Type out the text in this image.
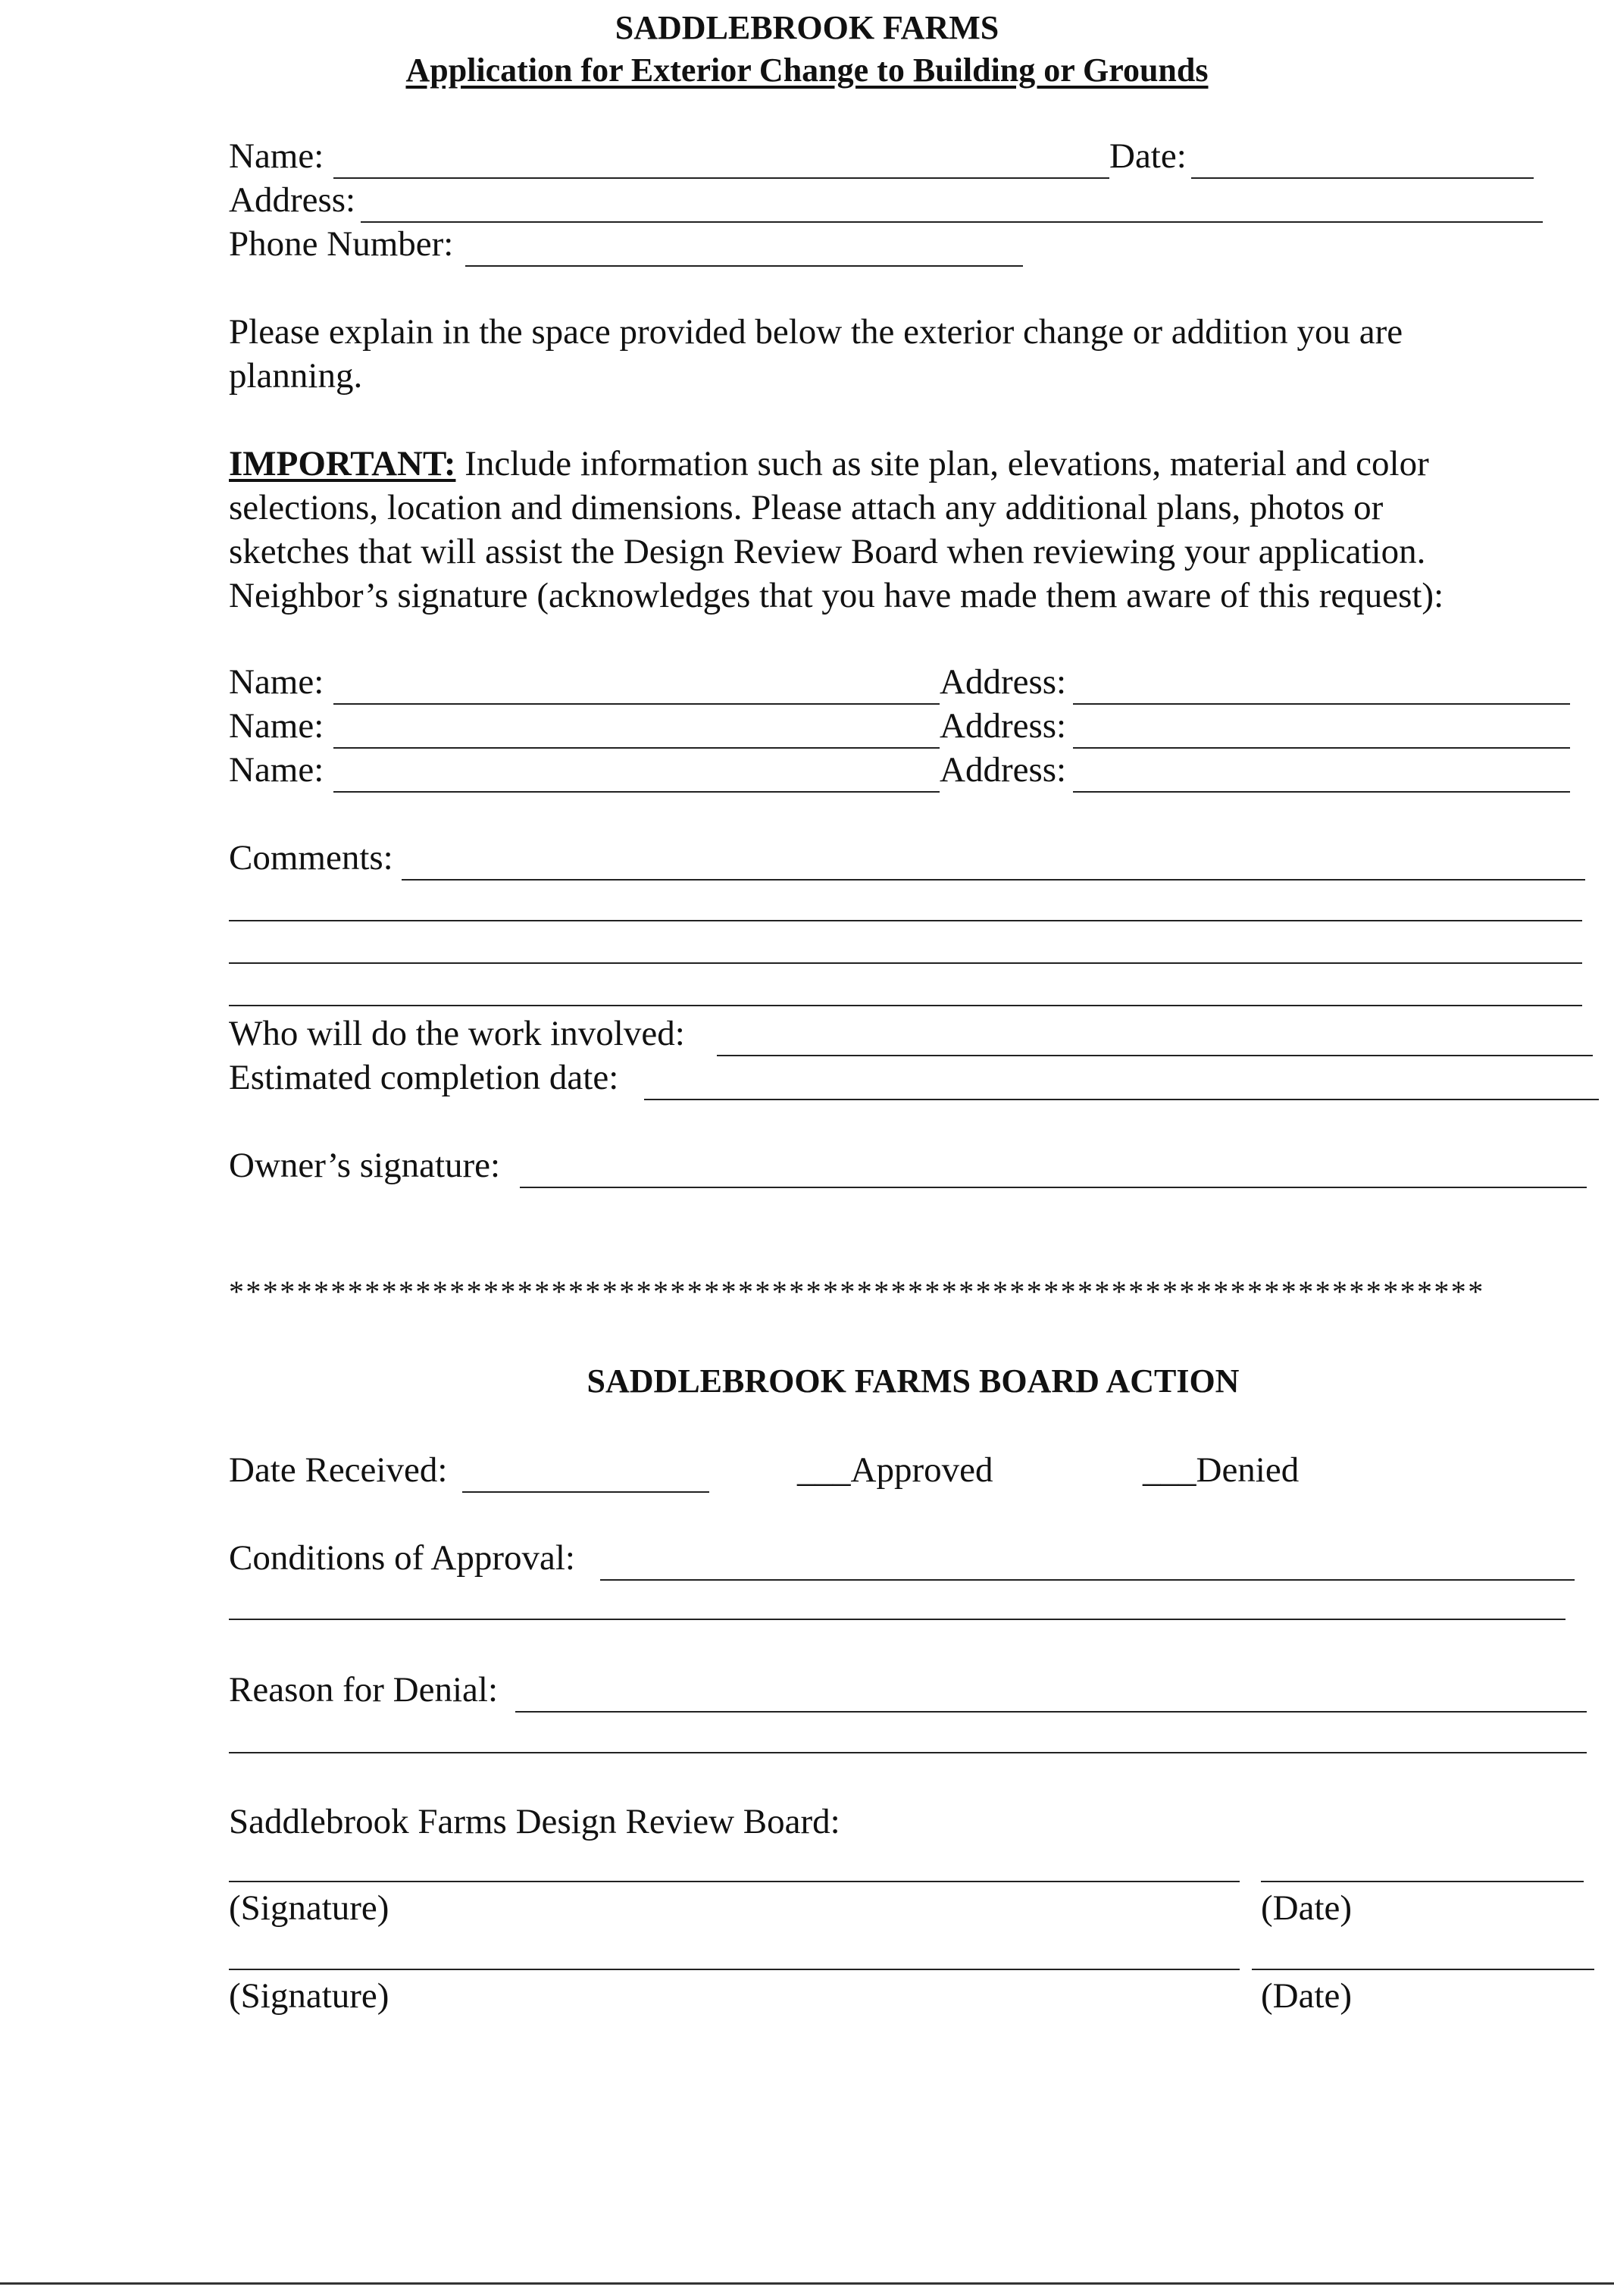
SADDLEBROOK FARMS
Application for Exterior Change to Building or Grounds
Name:	Date:
Address:
Phone Number:
Please explain in the space provided below the exterior change or addition you are
planning.
IMPORTANT: Include information such as site plan, elevations, material and color
selections, location and dimensions. Please attach any additional plans, photos or
sketches that will assist the Design Review Board when reviewing your application.
Neighbor’s signature (acknowledges that you have made them aware of this request):
Name:	Address:
Name:	Address:
Name:	Address:
Comments:
Who will do the work involved:
Estimated completion date:
Owner’s signature:
**************************************************************************
SADDLEBROOK FARMS BOARD ACTION
Date Received:	___Approved	___Denied
Conditions of Approval:
Reason for Denial:
Saddlebrook Farms Design Review Board:
(Signature)	(Date)
(Signature)	(Date)
